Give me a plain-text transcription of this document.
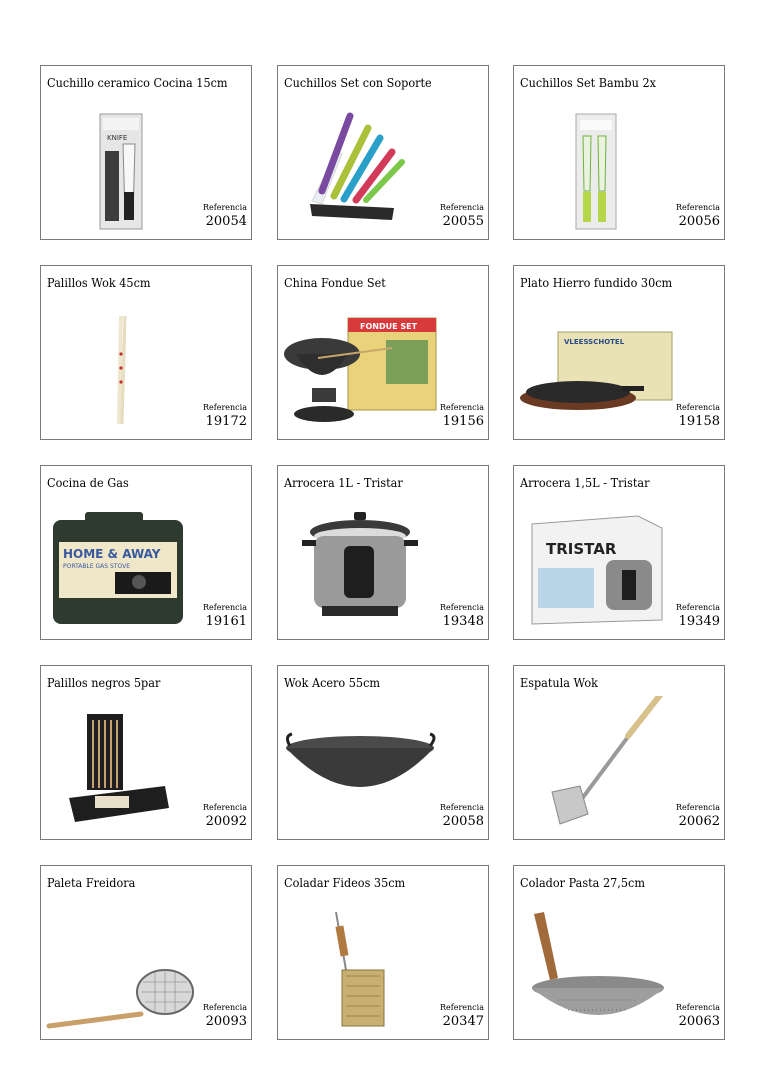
Cuchillo ceramico Cocina 15cm
KNIFE
Referencia
20054
Cuchillos Set con Soporte
Referencia
20055
Cuchillos Set Bambu 2x
Referencia
20056
Palillos Wok 45cm
Referencia
19172
China Fondue Set
FONDUE SET
Referencia
19156
Plato Hierro fundido 30cm
VLEESSCHOTEL
Referencia
19158
Cocina de Gas
HOME & AWAY
PORTABLE GAS STOVE
Referencia
19161
Arrocera 1L - Tristar
Referencia
19348
Arrocera 1,5L - Tristar
TRISTAR
Referencia
19349
Palillos negros 5par
Referencia
20092
Wok Acero 55cm
Referencia
20058
Espatula Wok
Referencia
20062
Paleta Freidora
Referencia
20093
Coladar Fideos 35cm
Referencia
20347
Colador Pasta 27,5cm
Referencia
20063
